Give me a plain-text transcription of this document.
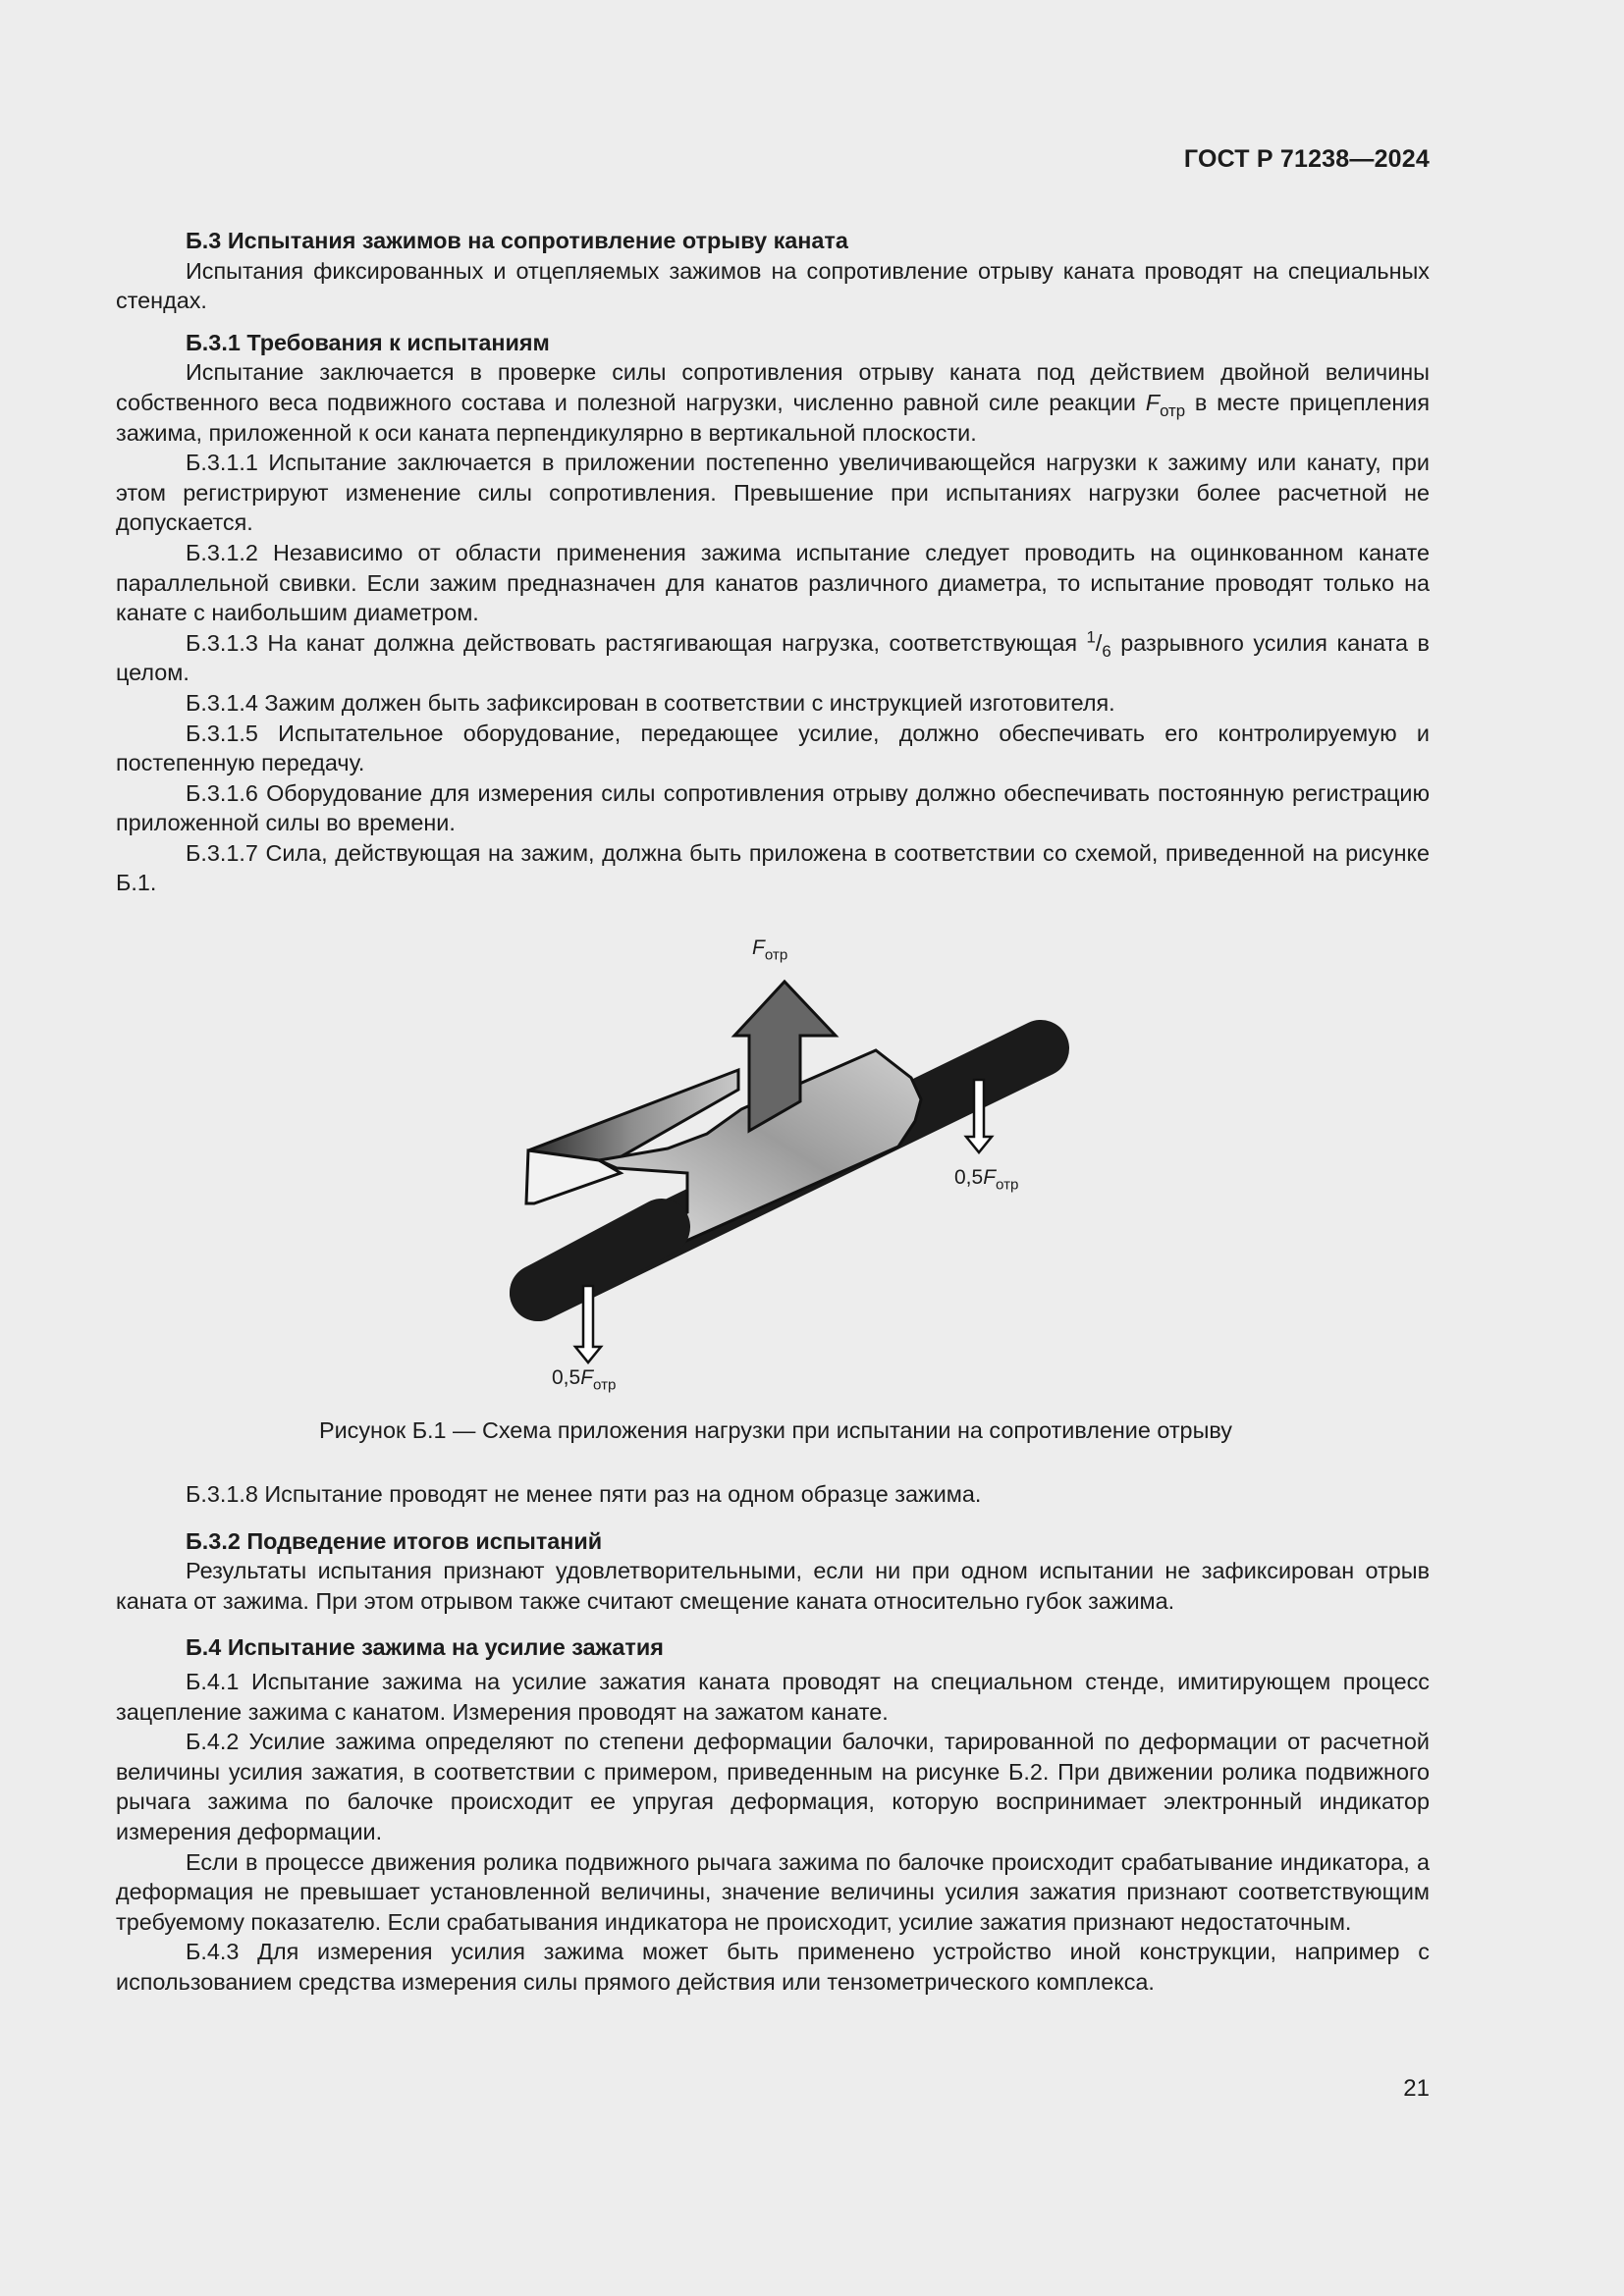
ГОСТ Р 71238—2024
Б.3 Испытания зажимов на сопротивление отрыву каната

Испытания фиксированных и отцепляемых зажимов на сопротивление отрыву каната проводят на специальных стендах.

Б.3.1 Требования к испытаниям

Испытание заключается в проверке силы сопротивления отрыву каната под действием двойной величины собственного веса подвижного состава и полезной нагрузки, численно равной силе реакции $F_{отр}$ в месте прицепления зажима, приложенной к оси каната перпендикулярно в вертикальной плоскости.

Б.3.1.1 Испытание заключается в приложении постепенно увеличивающейся нагрузки к зажиму или канату, при этом регистрируют изменение силы сопротивления. Превышение при испытаниях нагрузки более расчетной не допускается.

Б.3.1.2 Независимо от области применения зажима испытание следует проводить на оцинкованном канате параллельной свивки. Если зажим предназначен для канатов различного диаметра, то испытание проводят только на канате с наибольшим диаметром.

Б.3.1.3 На канат должна действовать растягивающая нагрузка, соответствующая $^1/_6$ разрывного усилия каната в целом.

Б.3.1.4 Зажим должен быть зафиксирован в соответствии с инструкцией изготовителя.

Б.3.1.5 Испытательное оборудование, передающее усилие, должно обеспечивать его контролируемую и постепенную передачу.

Б.3.1.6 Оборудование для измерения силы сопротивления отрыву должно обеспечивать постоянную регистрацию приложенной силы во времени.

Б.3.1.7 Сила, действующая на зажим, должна быть приложена в соответствии со схемой, приведенной на рисунке Б.1.

$F_{отр}$
$0,5F_{отр}$
$0,5F_{отр}$
Рисунок Б.1 — Схема приложения нагрузки при испытании на сопротивление отрыву

Б.3.1.8 Испытание проводят не менее пяти раз на одном образце зажима.

Б.3.2 Подведение итогов испытаний

Результаты испытания признают удовлетворительными, если ни при одном испытании не зафиксирован отрыв каната от зажима. При этом отрывом также считают смещение каната относительно губок зажима.

Б.4 Испытание зажима на усилие зажатия

Б.4.1 Испытание зажима на усилие зажатия каната проводят на специальном стенде, имитирующем процесс зацепление зажима с канатом. Измерения проводят на зажатом канате.

Б.4.2 Усилие зажима определяют по степени деформации балочки, тарированной по деформации от расчетной величины усилия зажатия, в соответствии с примером, приведенным на рисунке Б.2. При движении ролика подвижного рычага зажима по балочке происходит ее упругая деформация, которую воспринимает электронный индикатор измерения деформации.

Если в процессе движения ролика подвижного рычага зажима по балочке происходит срабатывание индикатора, а деформация не превышает установленной величины, значение величины усилия зажатия признают соответствующим требуемому показателю. Если срабатывания индикатора не происходит, усилие зажатия признают недостаточным.

Б.4.3 Для измерения усилия зажима может быть применено устройство иной конструкции, например с использованием средства измерения силы прямого действия или тензометрического комплекса.

21
